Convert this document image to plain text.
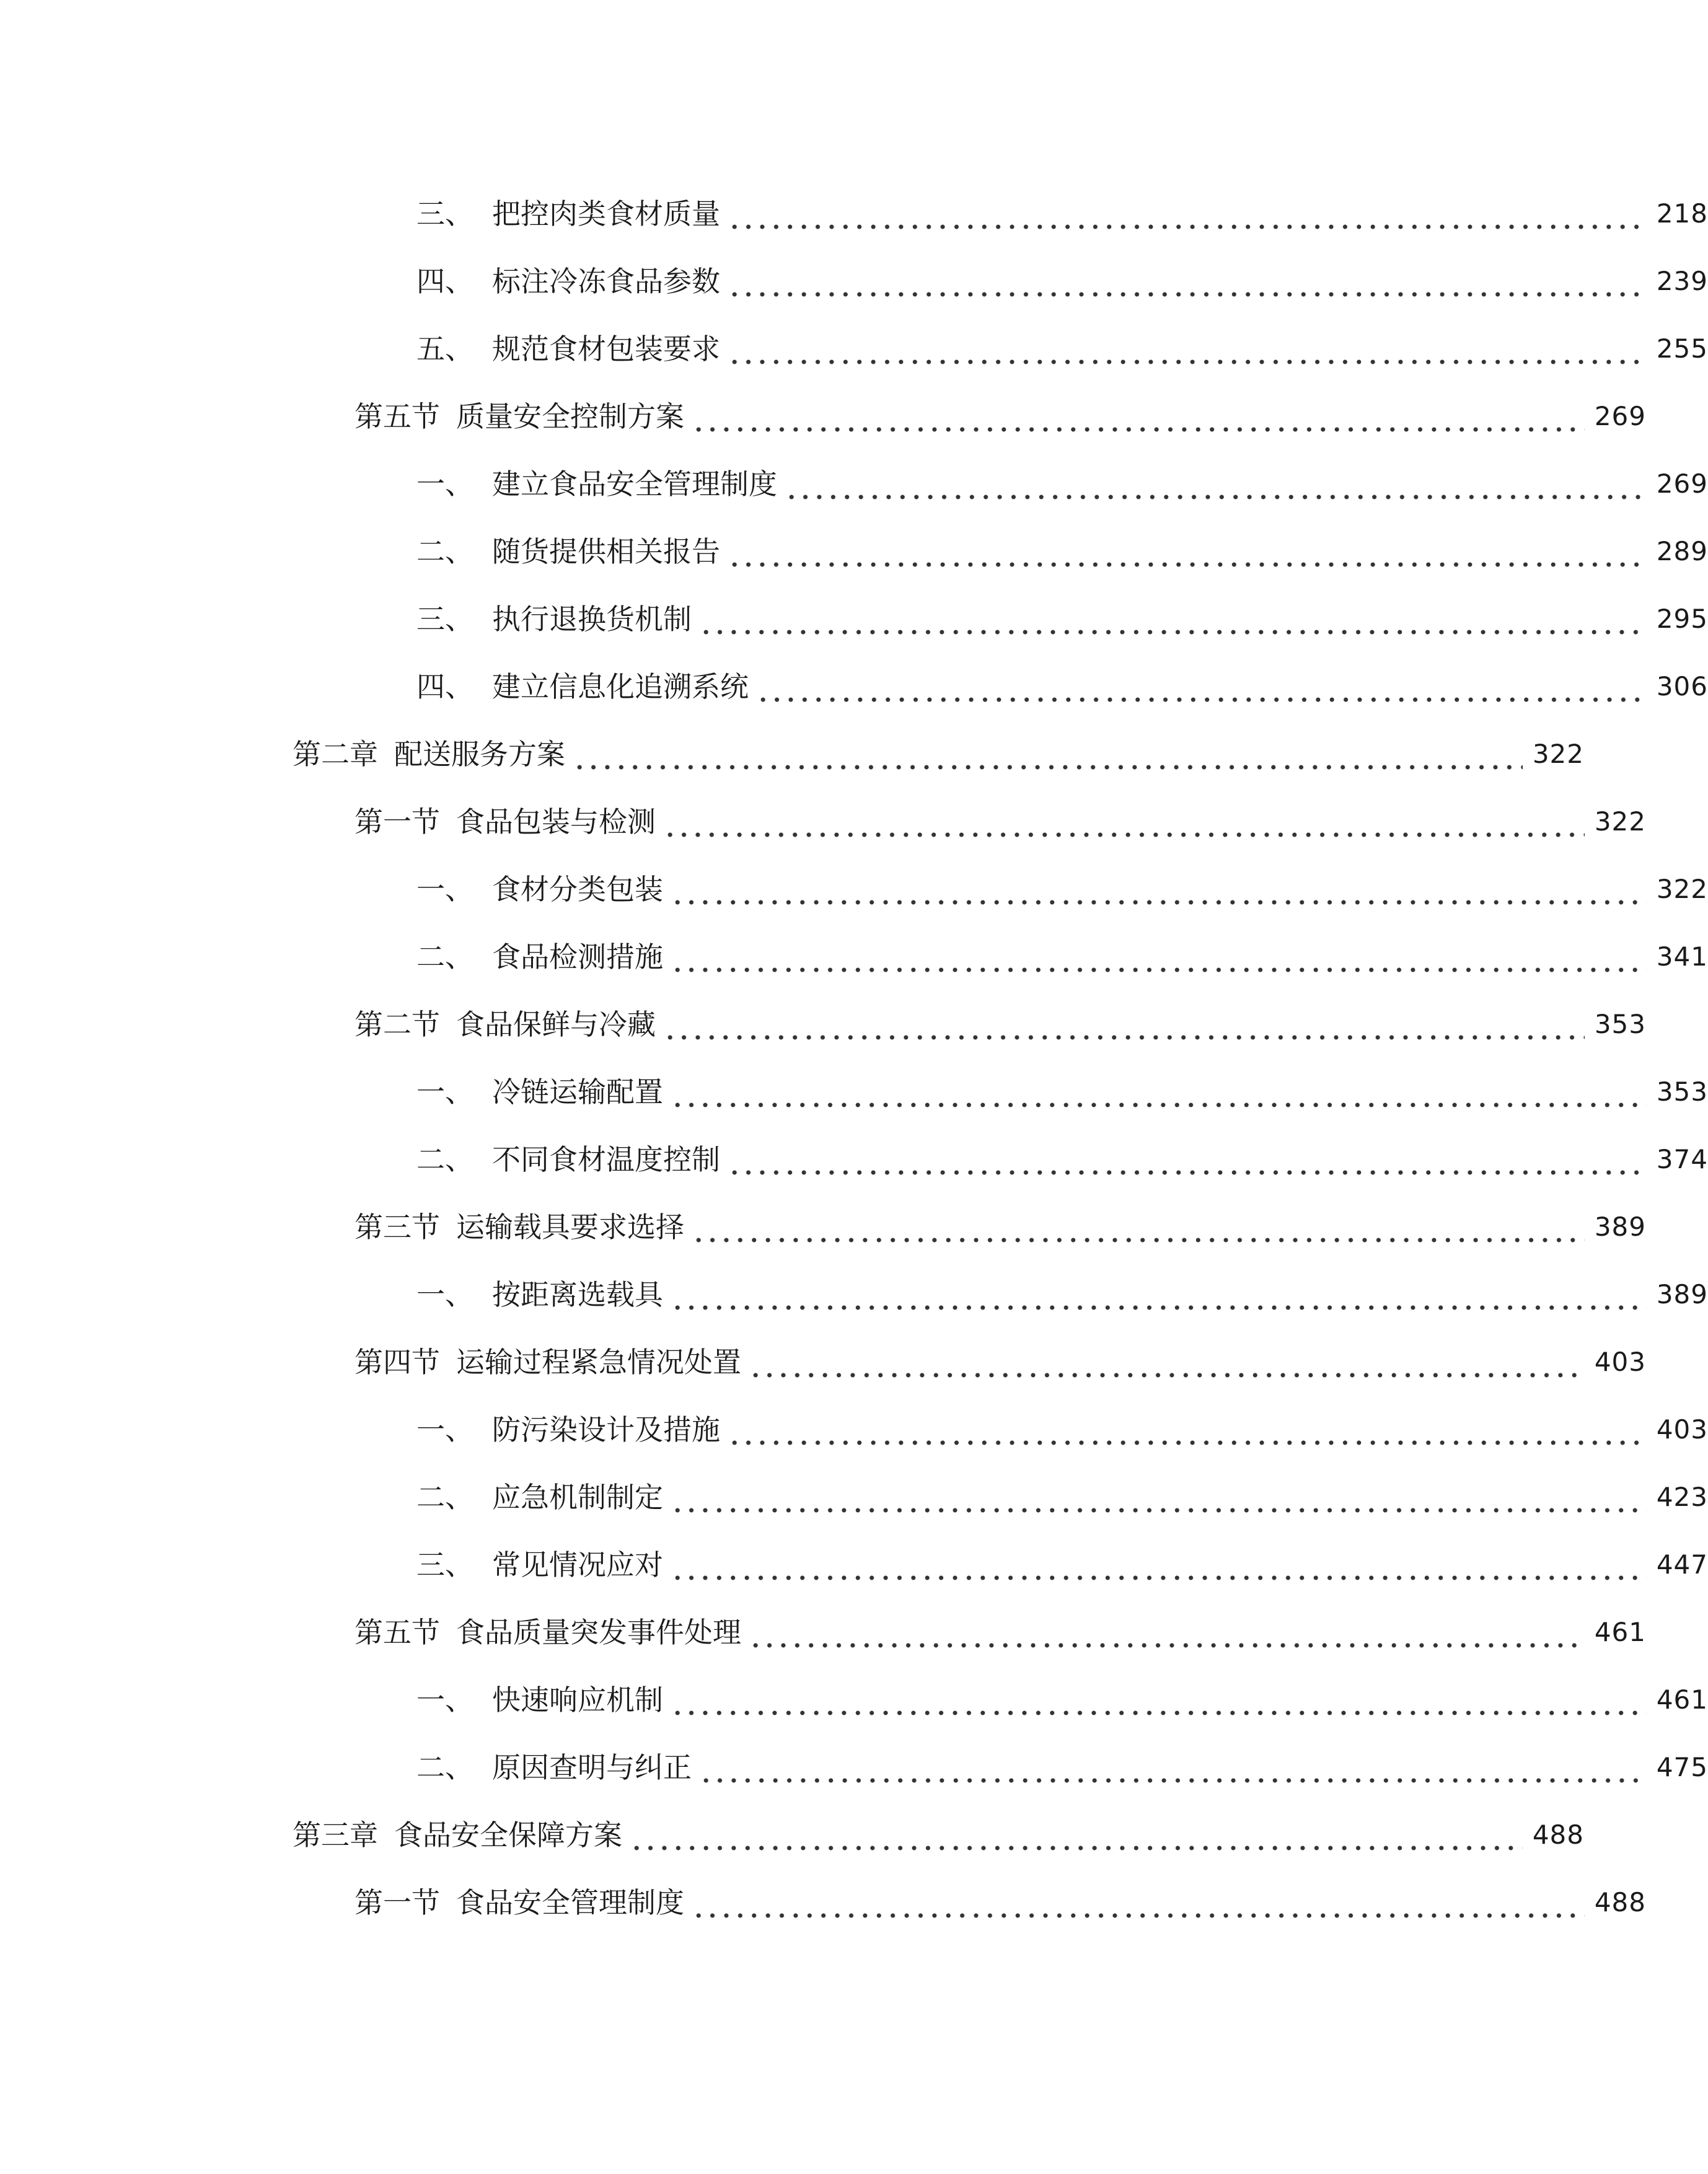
三、 把控肉类食材质量	218
四、 标注冷冻食品参数	239
五、 规范食材包装要求	255
第五节 质量安全控制方案	269
一、 建立食品安全管理制度	269
二、 随货提供相关报告	289
三、 执行退换货机制	295
四、 建立信息化追溯系统	306
第二章 配送服务方案	322
第一节 食品包装与检测	322
一、 食材分类包装	322
二、 食品检测措施	341
第二节 食品保鲜与冷藏	353
一、 冷链运输配置	353
二、 不同食材温度控制	374
第三节 运输载具要求选择	389
一、 按距离选载具	389
第四节 运输过程紧急情况处置	403
一、 防污染设计及措施	403
二、 应急机制制定	423
三、 常见情况应对	447
第五节 食品质量突发事件处理	461
一、 快速响应机制	461
二、 原因查明与纠正	475
第三章 食品安全保障方案	488
第一节 食品安全管理制度	488
